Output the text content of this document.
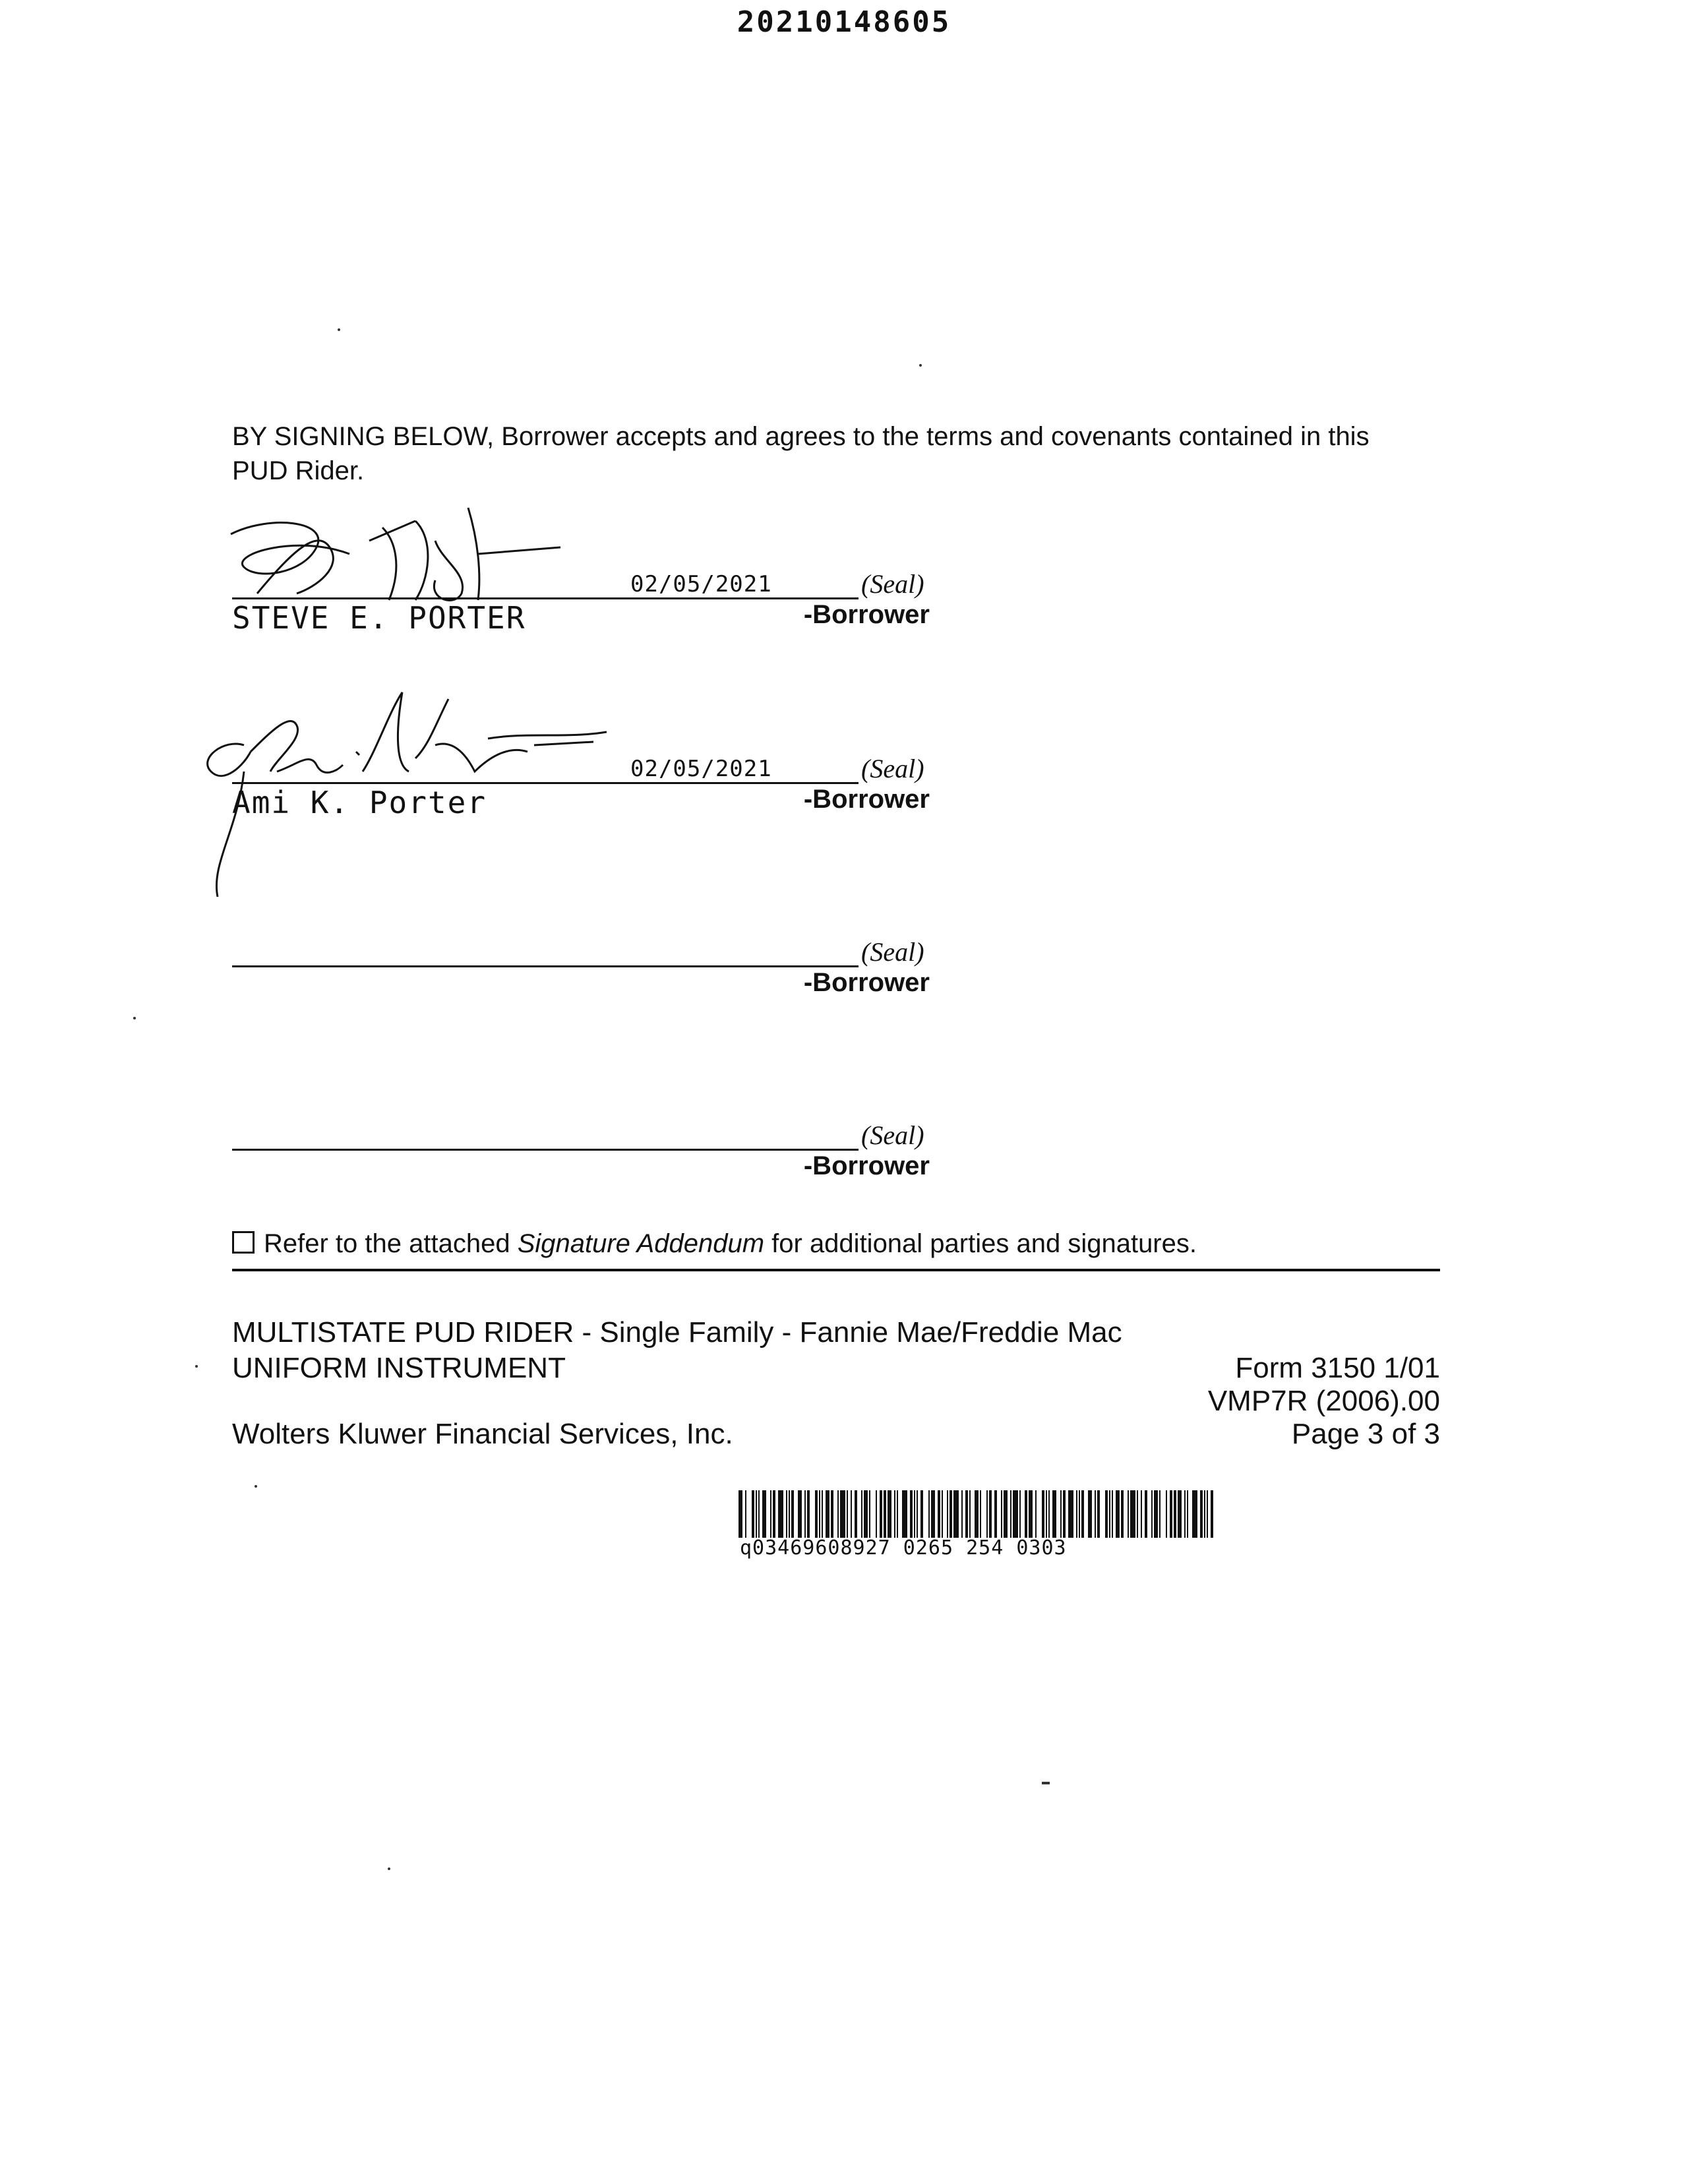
20210148605
BY SIGNING BELOW, Borrower accepts and agrees to the terms and covenants contained in this PUD Rider.
02/05/2021	(Seal)
STEVE E. PORTER	-Borrower
02/05/2021	(Seal)
Ami K. Porter	-Borrower
(Seal)
-Borrower
(Seal)
-Borrower
Refer to the attached Signature Addendum for additional parties and signatures.
MULTISTATE PUD RIDER - Single Family - Fannie Mae/Freddie Mac
UNIFORM INSTRUMENT	Form 3150 1/01
VMP7R (2006).00
Wolters Kluwer Financial Services, Inc.	Page 3 of 3
q03469608927 0265 254 0303
